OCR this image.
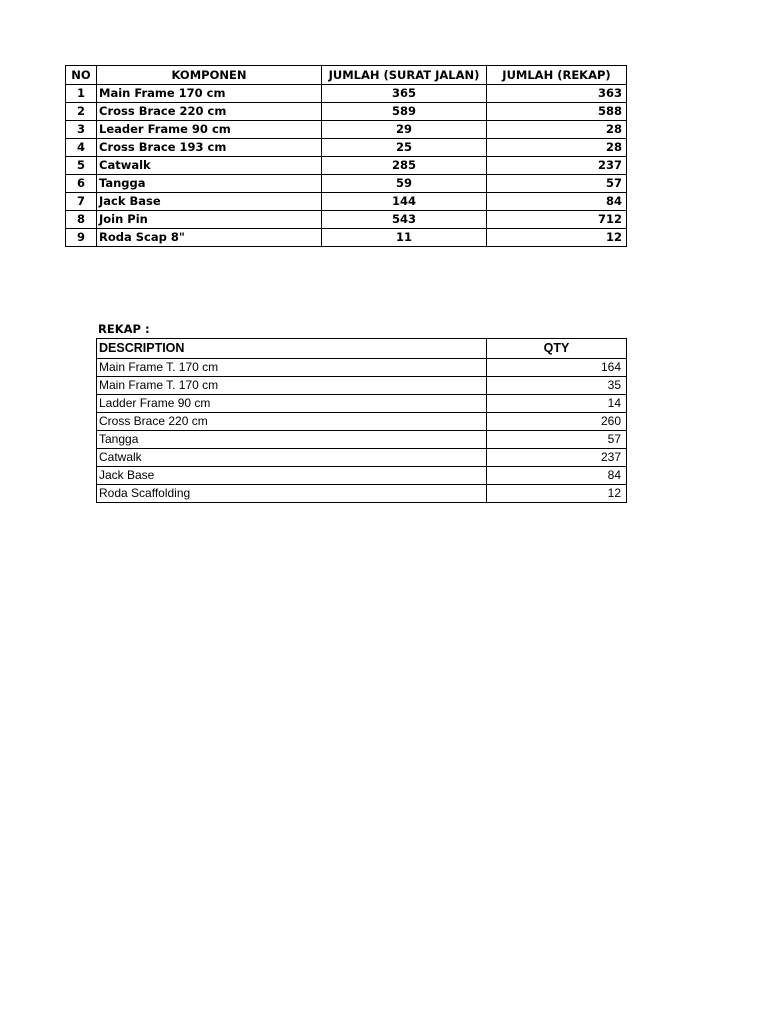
NO	KOMPONEN	JUMLAH (SURAT JALAN)	JUMLAH (REKAP)
1	Main Frame 170 cm	365	363
2	Cross Brace 220 cm	589	588
3	Leader Frame 90 cm	29	28
4	Cross Brace 193 cm	25	28
5	Catwalk	285	237
6	Tangga	59	57
7	Jack Base	144	84
8	Join Pin	543	712
9	Roda Scap 8"	11	12
REKAP :
DESCRIPTION	QTY
Main Frame T. 170 cm	164
Main Frame T. 170 cm	35
Ladder Frame 90 cm	14
Cross Brace 220 cm	260
Tangga	57
Catwalk	237
Jack Base	84
Roda Scaffolding	12
